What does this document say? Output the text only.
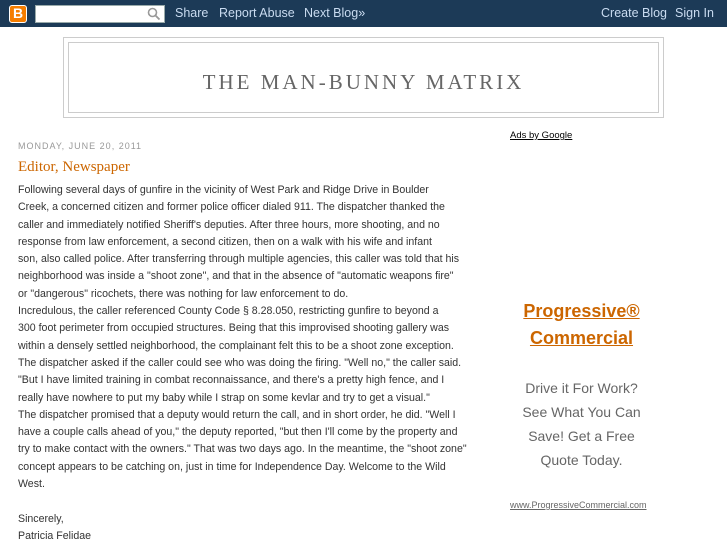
B	Share Report Abuse Next Blog»	Create Blog Sign In
THE MAN-BUNNY MATRIX
MONDAY, JUNE 20, 2011
Editor, Newspaper

Following several days of gunfire in the vicinity of West Park and Ridge Drive in Boulder

Creek, a concerned citizen and former police officer dialed 911. The dispatcher thanked the

caller and immediately notified Sheriff's deputies. After three hours, more shooting, and no

response from law enforcement, a second citizen, then on a walk with his wife and infant

son, also called police. After transferring through multiple agencies, this caller was told that his

neighborhood was inside a "shoot zone", and that in the absence of "automatic weapons fire"

or "dangerous" ricochets, there was nothing for law enforcement to do.

Incredulous, the caller referenced County Code § 8.28.050, restricting gunfire to beyond a

300 foot perimeter from occupied structures. Being that this improvised shooting gallery was

within a densely settled neighborhood, the complainant felt this to be a shoot zone exception.

The dispatcher asked if the caller could see who was doing the firing. "Well no," the caller said.

"But I have limited training in combat reconnaissance, and there's a pretty high fence, and I

really have nowhere to put my baby while I strap on some kevlar and try to get a visual."

The dispatcher promised that a deputy would return the call, and in short order, he did. "Well I

have a couple calls ahead of you," the deputy reported, "but then I'll come by the property and

try to make contact with the owners." That was two days ago. In the meantime, the "shoot zone"

concept appears to be catching on, just in time for Independence Day. Welcome to the Wild

West.

Sincerely,

Patricia Felidae

Ads by Google
Progressive®
Commercial
Drive it For Work?
See What You Can
Save! Get a Free
Quote Today.
www.ProgressiveCommercial.com
